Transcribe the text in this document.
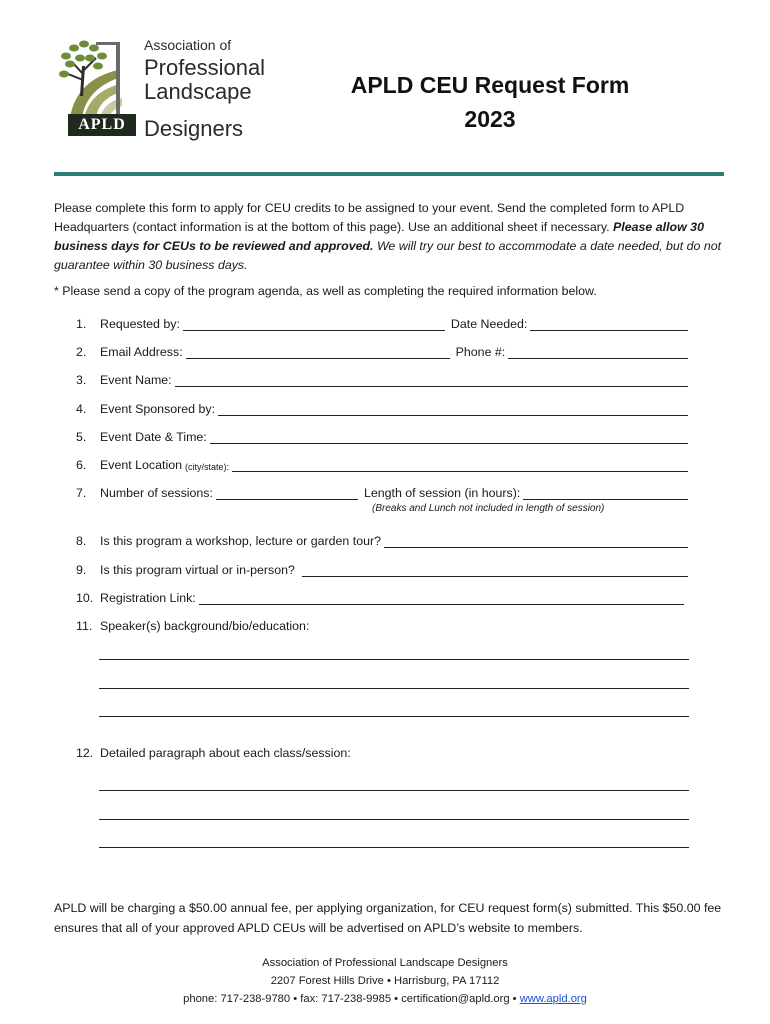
Association of
Professional
Landscape
APLD Designers
APLD CEU Request Form
2023
Please complete this form to apply for CEU credits to be assigned to your event. Send the completed form to APLD Headquarters (contact information is at the bottom of this page). Use an additional sheet if necessary. Please allow 30 business days for CEUs to be reviewed and approved. We will try our best to accommodate a date needed, but do not guarantee within 30 business days.
* Please send a copy of the program agenda, as well as completing the required information below.
1.	Requested by:	Date Needed:
2.	Email Address:	Phone #:
3.	Event Name:
4.	Event Sponsored by:
5.	Event Date & Time:
6.	Event Location (city/state):
7.	Number of sessions:	Length of session (in hours):
(Breaks and Lunch not included in length of session)
8.	Is this program a workshop, lecture or garden tour?
9.	Is this program virtual or in-person?
10. Registration Link:
11. Speaker(s) background/bio/education:
12. Detailed paragraph about each class/session:
APLD will be charging a $50.00 annual fee, per applying organization, for CEU request form(s) submitted. This $50.00 fee ensures that all of your approved APLD CEUs will be advertised on APLD’s website to members.
Association of Professional Landscape Designers
2207 Forest Hills Drive • Harrisburg, PA 17112
phone: 717-238-9780 • fax: 717-238-9985 • certification@apld.org • www.apld.org
